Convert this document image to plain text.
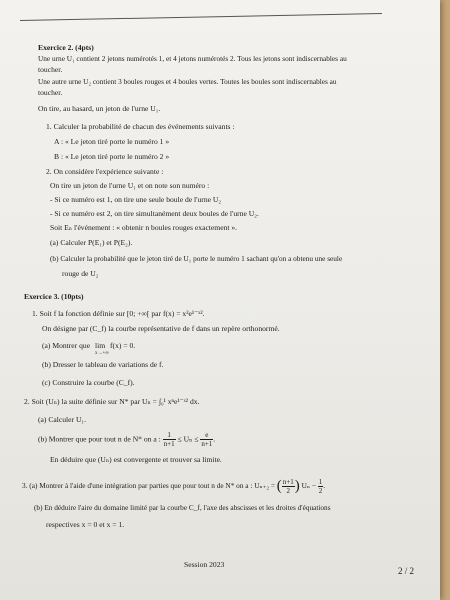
Exercice 2. (4pts)
Une urne U₁ contient 2 jetons numérotés 1, et 4 jetons numérotés 2. Tous les jetons sont indiscernables au
toucher.
Une autre urne U₂ contient 3 boules rouges et 4 boules vertes. Toutes les boules sont indiscernables au
toucher.
On tire, au hasard, un jeton de l'urne U₁.
1. Calculer la probabilité de chacun des événements suivants :
A : « Le jeton tiré porte le numéro 1 »
B : « Le jeton tiré porte le numéro 2 »
2. On considère l'expérience suivante :
On tire un jeton de l'urne U₁ et on note son numéro :
- Si ce numéro est 1, on tire une seule boule de l'urne U₂
- Si ce numéro est 2, on tire simultanément deux boules de l'urne U₂.
Soit Eₙ l'événement : « obtenir n boules rouges exactement ».
(a) Calculer P(E₁) et P(E₂).
(b) Calculer la probabilité que le jeton tiré de U₁ porte le numéro 1 sachant qu'on a obtenu une seule
rouge de U₂
Exercice 3. (10pts)
1. Soit f la fonction définie sur [0; +∞[ par f(x) = x²e¹⁻ˣ².
On désigne par (C_f) la courbe représentative de f dans un repère orthonormé.
(a) Montrer que lim
x→+∞
f(x) = 0.
(b) Dresser le tableau de variations de f.
(c) Construire la courbe (C_f).
2. Soit (Uₙ) la suite définie sur N* par Uₙ = ∫₀¹ xⁿe¹⁻ˣ² dx.
(a) Calculer U₁.
(b) Montrer que pour tout n de N* on a : $\frac{1}{n+1} \le U_n \le \frac{e}{n+1}$ .
En déduire que (Uₙ) est convergente et trouver sa limite.
3. (a) Montrer à l'aide d'une intégration par parties que pour tout n de N* on a : Uₙ₊₂ = ( $\frac{n+1}{2}$ ) $U_n - \frac{1}{2}$ .
(b) En déduire l'aire du domaine limité par la courbe C_f, l'axe des abscisses et les droites d'équations
respectives x = 0 et x = 1.
Session 2023
2 / 2
